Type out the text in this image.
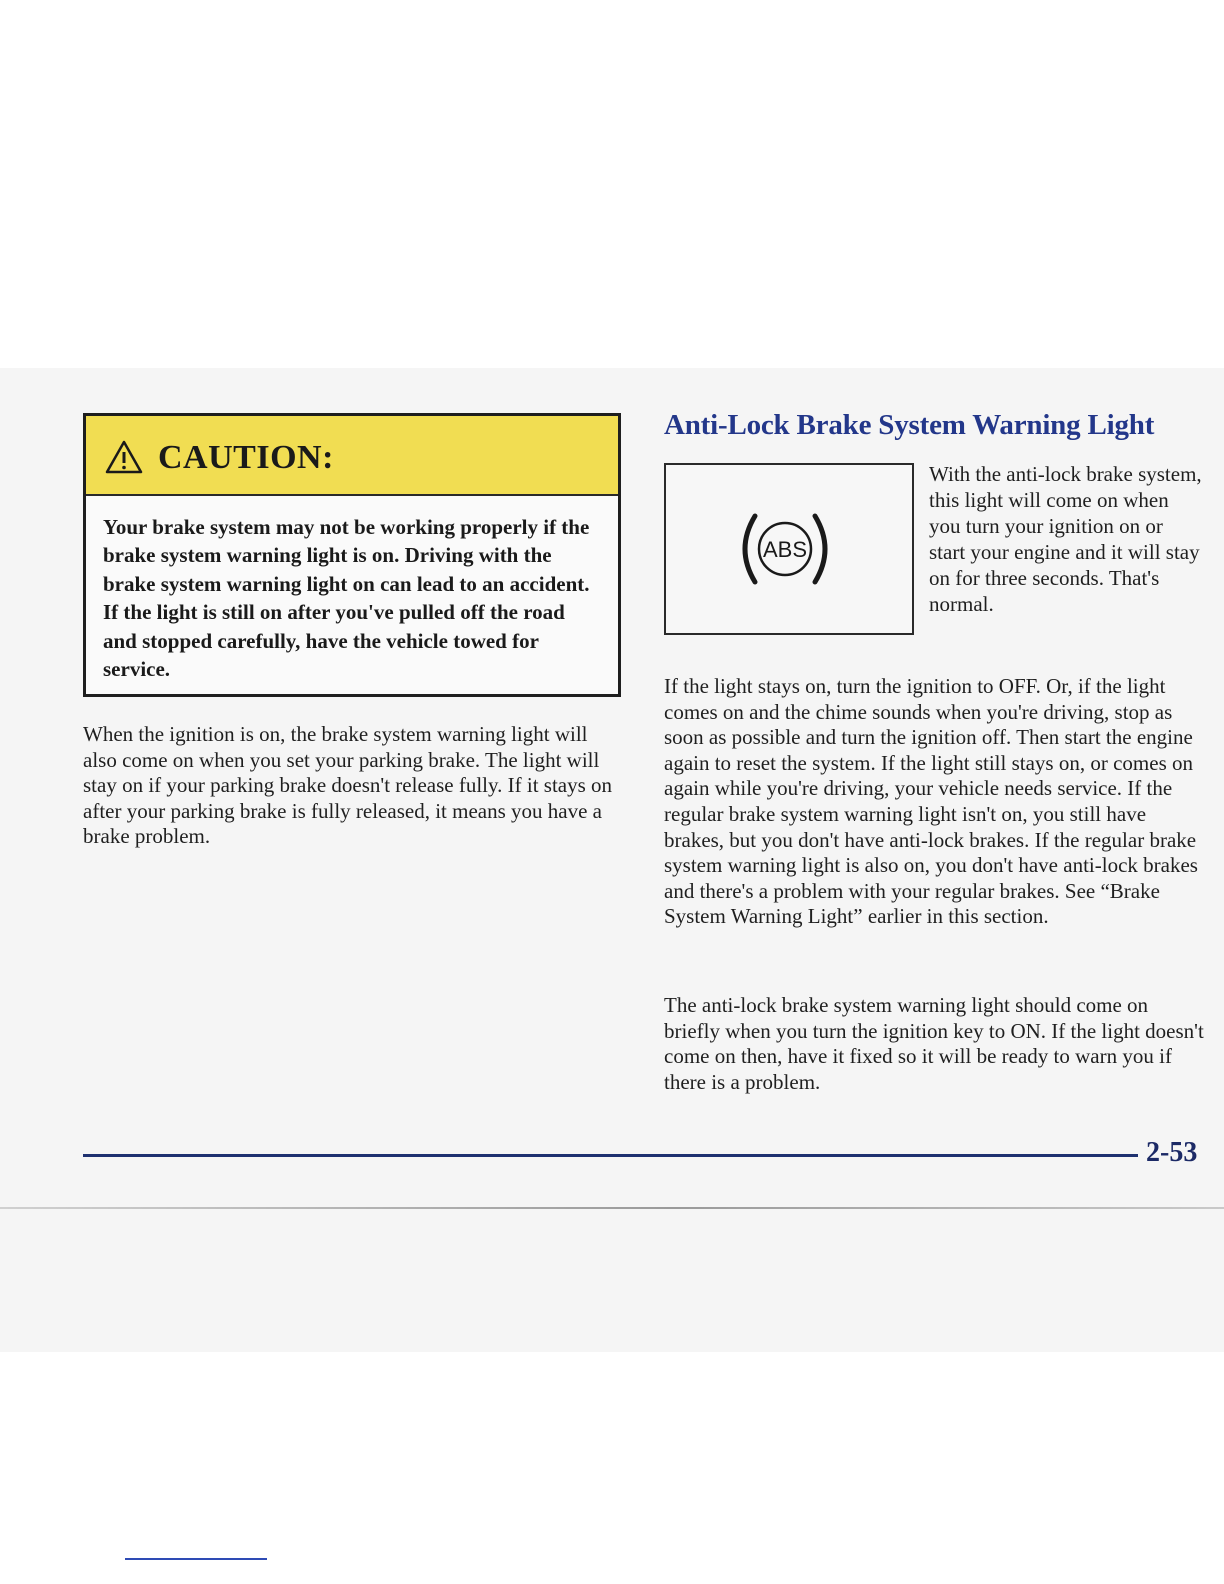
CAUTION:
Your brake system may not be working properly if the brake system warning light is on. Driving with the brake system warning light on can lead to an accident. If the light is still on after you've pulled off the road and stopped carefully, have the vehicle towed for service.
When the ignition is on, the brake system warning light will also come on when you set your parking brake. The light will stay on if your parking brake doesn't release fully. If it stays on after your parking brake is fully released, it means you have a brake problem.
Anti-Lock Brake System Warning Light
ABS
With the anti-lock brake system, this light will come on when you turn your ignition on or start your engine and it will stay on for three seconds. That's normal.
If the light stays on, turn the ignition to OFF. Or, if the light comes on and the chime sounds when you're driving, stop as soon as possible and turn the ignition off. Then start the engine again to reset the system. If the light still stays on, or comes on again while you're driving, your vehicle needs service. If the regular brake system warning light isn't on, you still have brakes, but you don't have anti-lock brakes. If the regular brake system warning light is also on, you don't have anti-lock brakes and there's a problem with your regular brakes. See “Brake System Warning Light” earlier in this section.
The anti-lock brake system warning light should come on briefly when you turn the ignition key to ON. If the light doesn't come on then, have it fixed so it will be ready to warn you if there is a problem.
2-53
